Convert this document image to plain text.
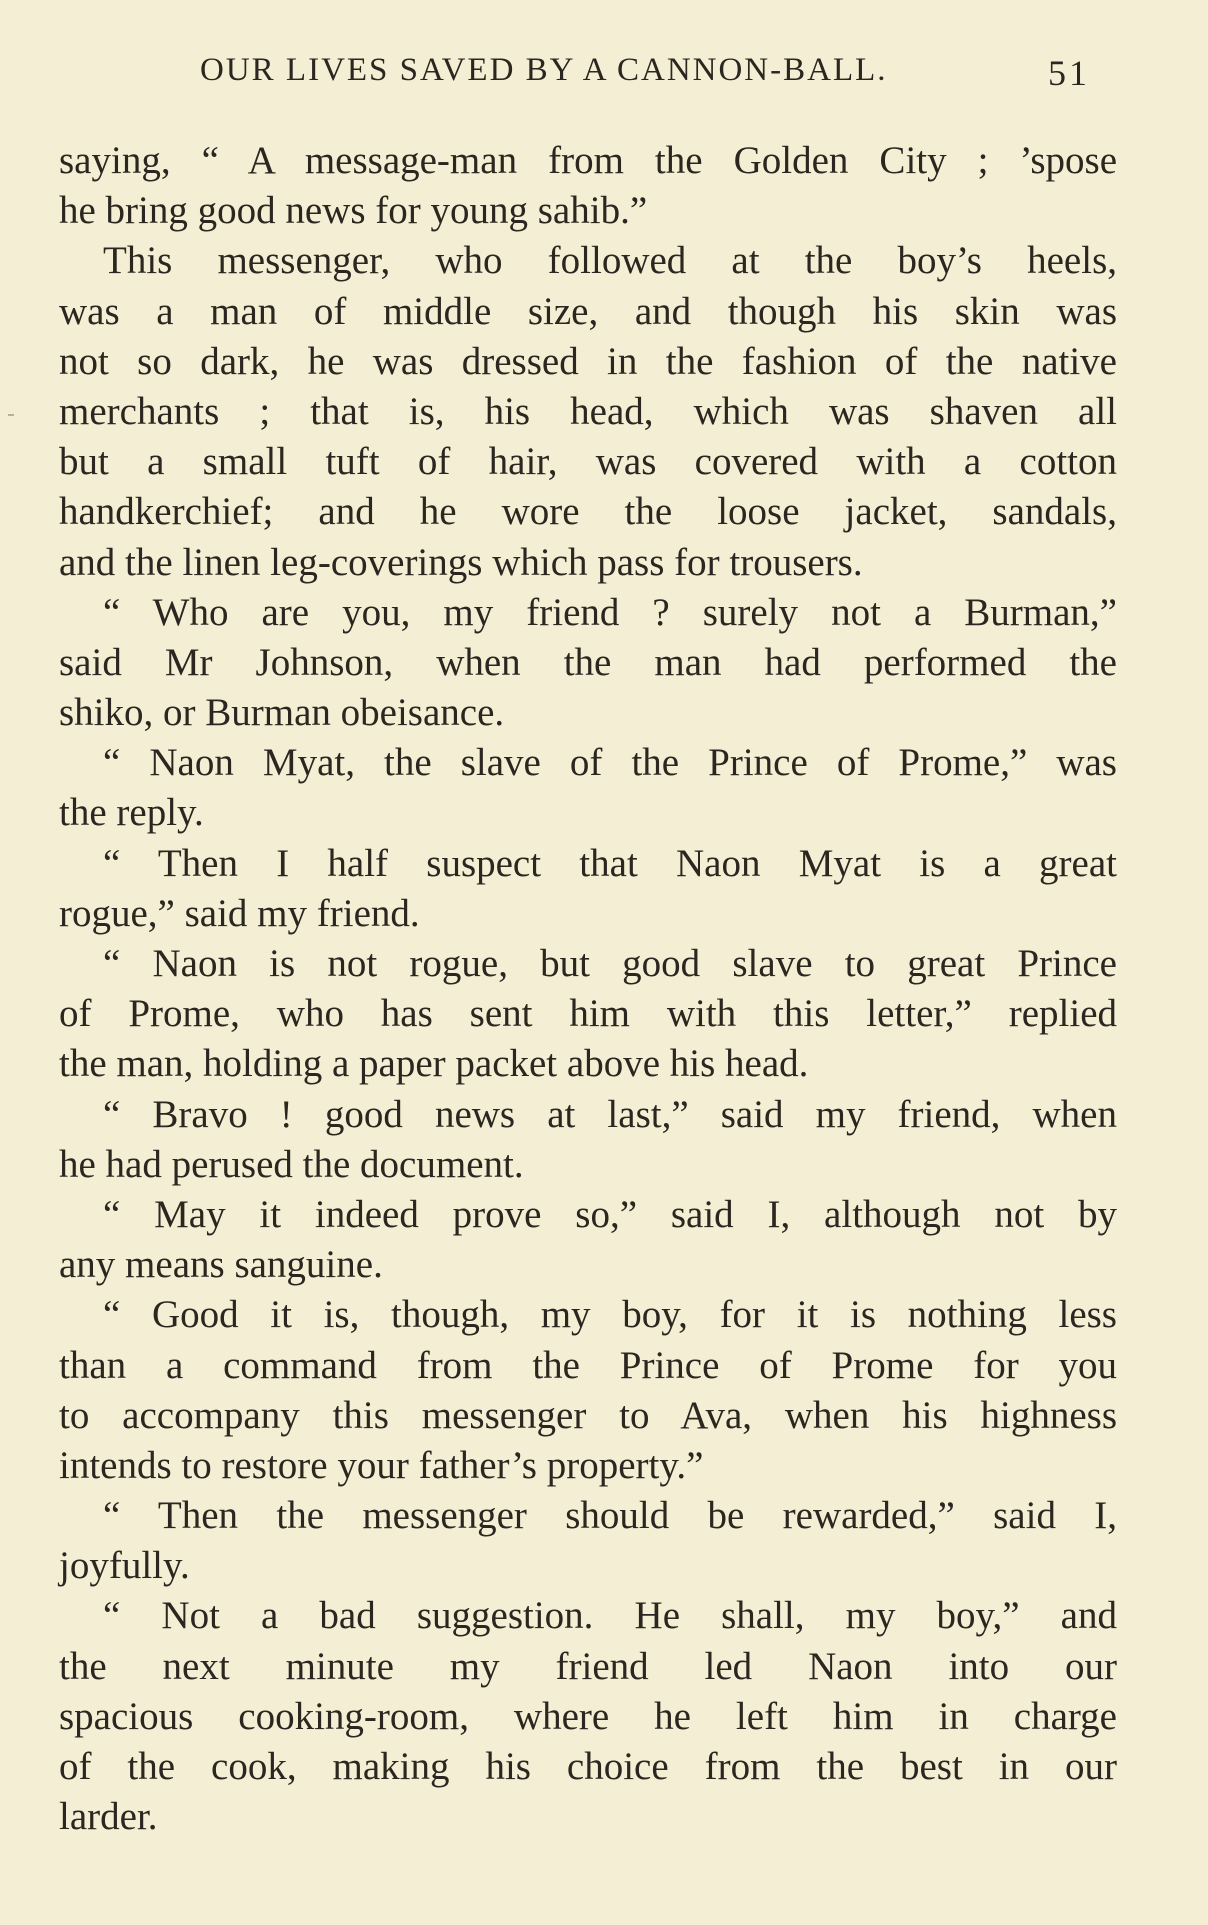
OUR LIVES SAVED BY A CANNON-BALL.	51
saying, “ A message-man from the Golden City ; ’spose
he bring good news for young sahib.”
This messenger, who followed at the boy’s heels,
was a man of middle size, and though his skin was
not so dark, he was dressed in the fashion of the native
merchants ; that is, his head, which was shaven all
but a small tuft of hair, was covered with a cotton
handkerchief; and he wore the loose jacket, sandals,
and the linen leg-coverings which pass for trousers.
“ Who are you, my friend ? surely not a Burman,”
said Mr Johnson, when the man had performed the
shiko, or Burman obeisance.
“ Naon Myat, the slave of the Prince of Prome,” was
the reply.
“ Then I half suspect that Naon Myat is a great
rogue,” said my friend.
“ Naon is not rogue, but good slave to great Prince
of Prome, who has sent him with this letter,” replied
the man, holding a paper packet above his head.
“ Bravo ! good news at last,” said my friend, when
he had perused the document.
“ May it indeed prove so,” said I, although not by
any means sanguine.
“ Good it is, though, my boy, for it is nothing less
than a command from the Prince of Prome for you
to accompany this messenger to Ava, when his highness
intends to restore your father’s property.”
“ Then the messenger should be rewarded,” said I,
joyfully.
“ Not a bad suggestion. He shall, my boy,” and
the next minute my friend led Naon into our
spacious cooking-room, where he left him in charge
of the cook, making his choice from the best in our
larder.
